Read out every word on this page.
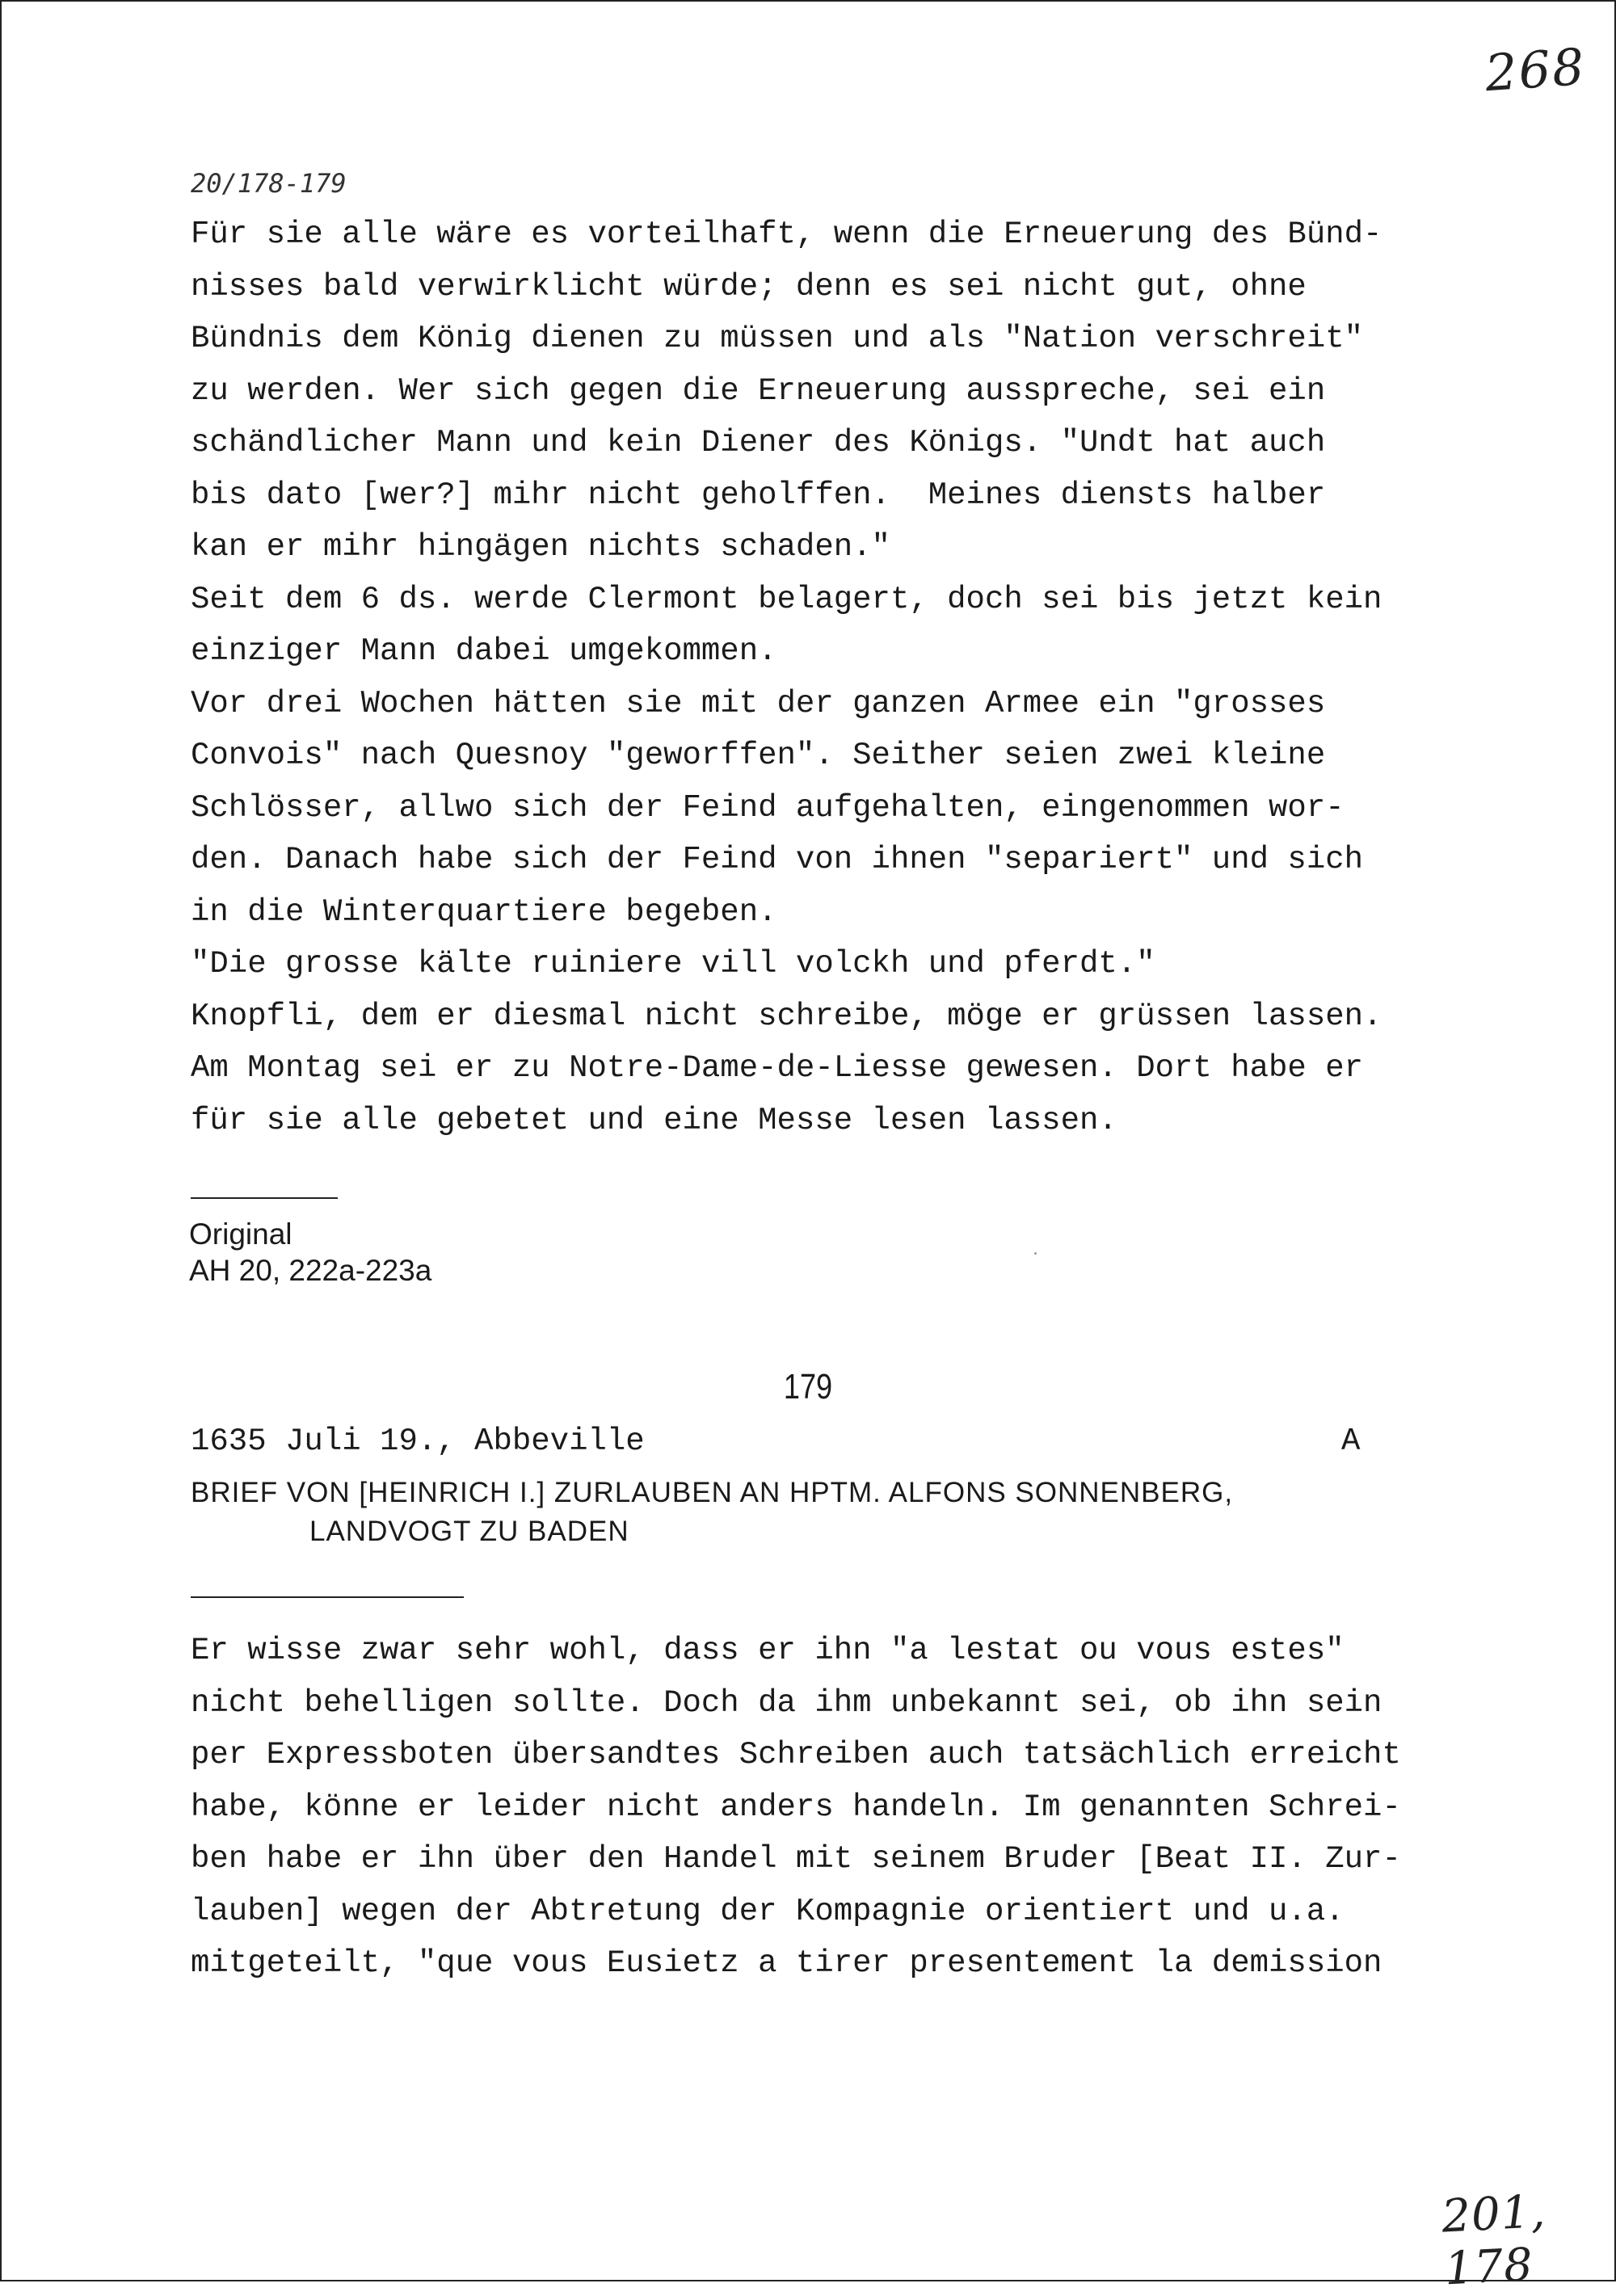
268
20/178-179
Für sie alle wäre es vorteilhaft, wenn die Erneuerung des Bünd-
nisses bald verwirklicht würde; denn es sei nicht gut, ohne
Bündnis dem König dienen zu müssen und als "Nation verschreit"
zu werden. Wer sich gegen die Erneuerung ausspreche, sei ein
schändlicher Mann und kein Diener des Königs. "Undt hat auch
bis dato [wer?] mihr nicht geholffen.  Meines diensts halber
kan er mihr hingägen nichts schaden."
Seit dem 6 ds. werde Clermont belagert, doch sei bis jetzt kein
einziger Mann dabei umgekommen.
Vor drei Wochen hätten sie mit der ganzen Armee ein "grosses
Convois" nach Quesnoy "geworffen". Seither seien zwei kleine
Schlösser, allwo sich der Feind aufgehalten, eingenommen wor-
den. Danach habe sich der Feind von ihnen "separiert" und sich
in die Winterquartiere begeben.
"Die grosse kälte ruiniere vill volckh und pferdt."
Knopfli, dem er diesmal nicht schreibe, möge er grüssen lassen.
Am Montag sei er zu Notre-Dame-de-Liesse gewesen. Dort habe er
für sie alle gebetet und eine Messe lesen lassen.
Original
AH 20, 222a-223a
179
1635 Juli 19., Abbeville	A
BRIEF VON [HEINRICH I.] ZURLAUBEN AN HPTM. ALFONS SONNENBERG,
LANDVOGT ZU BADEN
Er wisse zwar sehr wohl, dass er ihn "a lestat ou vous estes"
nicht behelligen sollte. Doch da ihm unbekannt sei, ob ihn sein
per Expressboten übersandtes Schreiben auch tatsächlich erreicht
habe, könne er leider nicht anders handeln. Im genannten Schrei-
ben habe er ihn über den Handel mit seinem Bruder [Beat II. Zur-
lauben] wegen der Abtretung der Kompagnie orientiert und u.a.
mitgeteilt, "que vous Eusietz a tirer presentement la demission
201, 178
